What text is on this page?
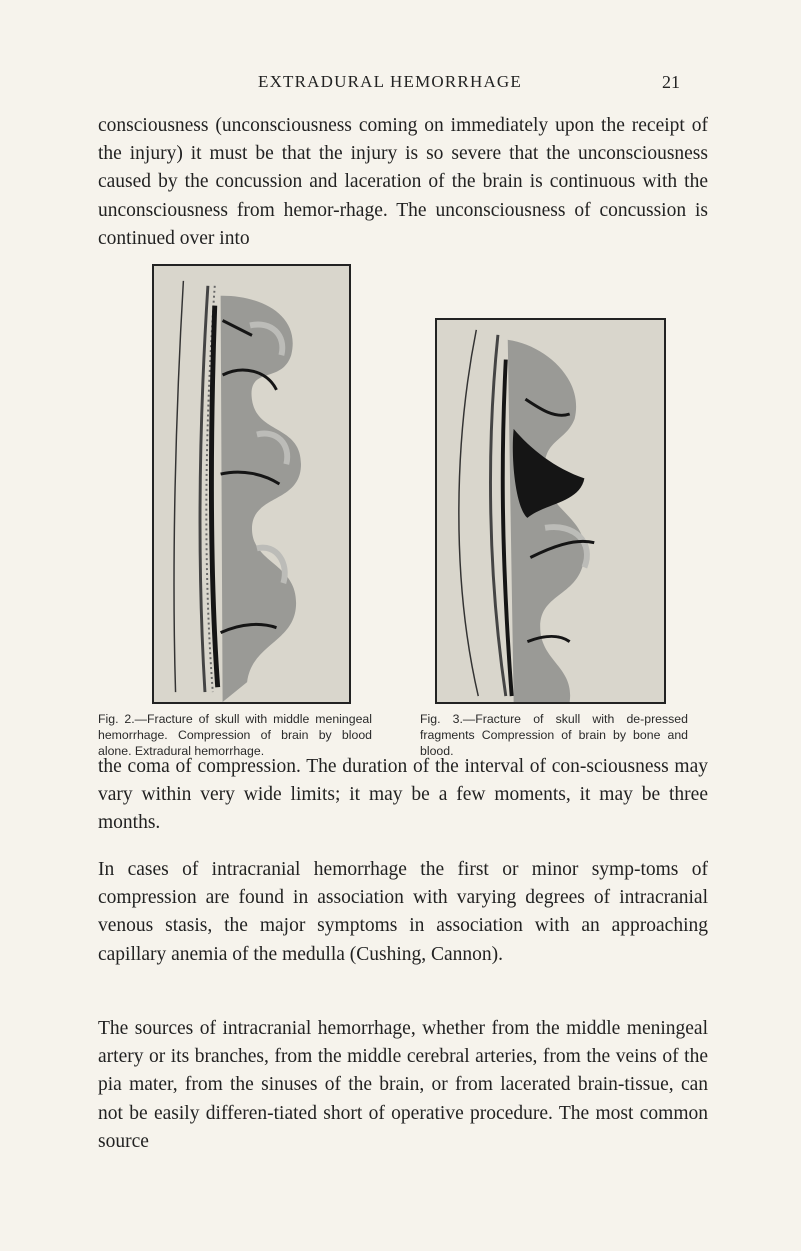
EXTRADURAL HEMORRHAGE	21

consciousness (unconsciousness coming on immediately upon the receipt of the injury) it must be that the injury is so severe that the unconsciousness caused by the concussion and laceration of the brain is continuous with the unconsciousness from hemor-rhage. The unconsciousness of concussion is continued over into

Fig. 2.—Fracture of skull with middle meningeal hemorrhage. Compression of brain by blood alone. Extradural hemorrhage.

Fig. 3.—Fracture of skull with de-pressed fragments Compression of brain by bone and blood.

the coma of compression. The duration of the interval of con-sciousness may vary within very wide limits; it may be a few moments, it may be three months.

In cases of intracranial hemorrhage the first or minor symp-toms of compression are found in association with varying degrees of intracranial venous stasis, the major symptoms in association with an approaching capillary anemia of the medulla (Cushing, Cannon).

The sources of intracranial hemorrhage, whether from the middle meningeal artery or its branches, from the middle cerebral arteries, from the veins of the pia mater, from the sinuses of the brain, or from lacerated brain-tissue, can not be easily differen-tiated short of operative procedure. The most common source
